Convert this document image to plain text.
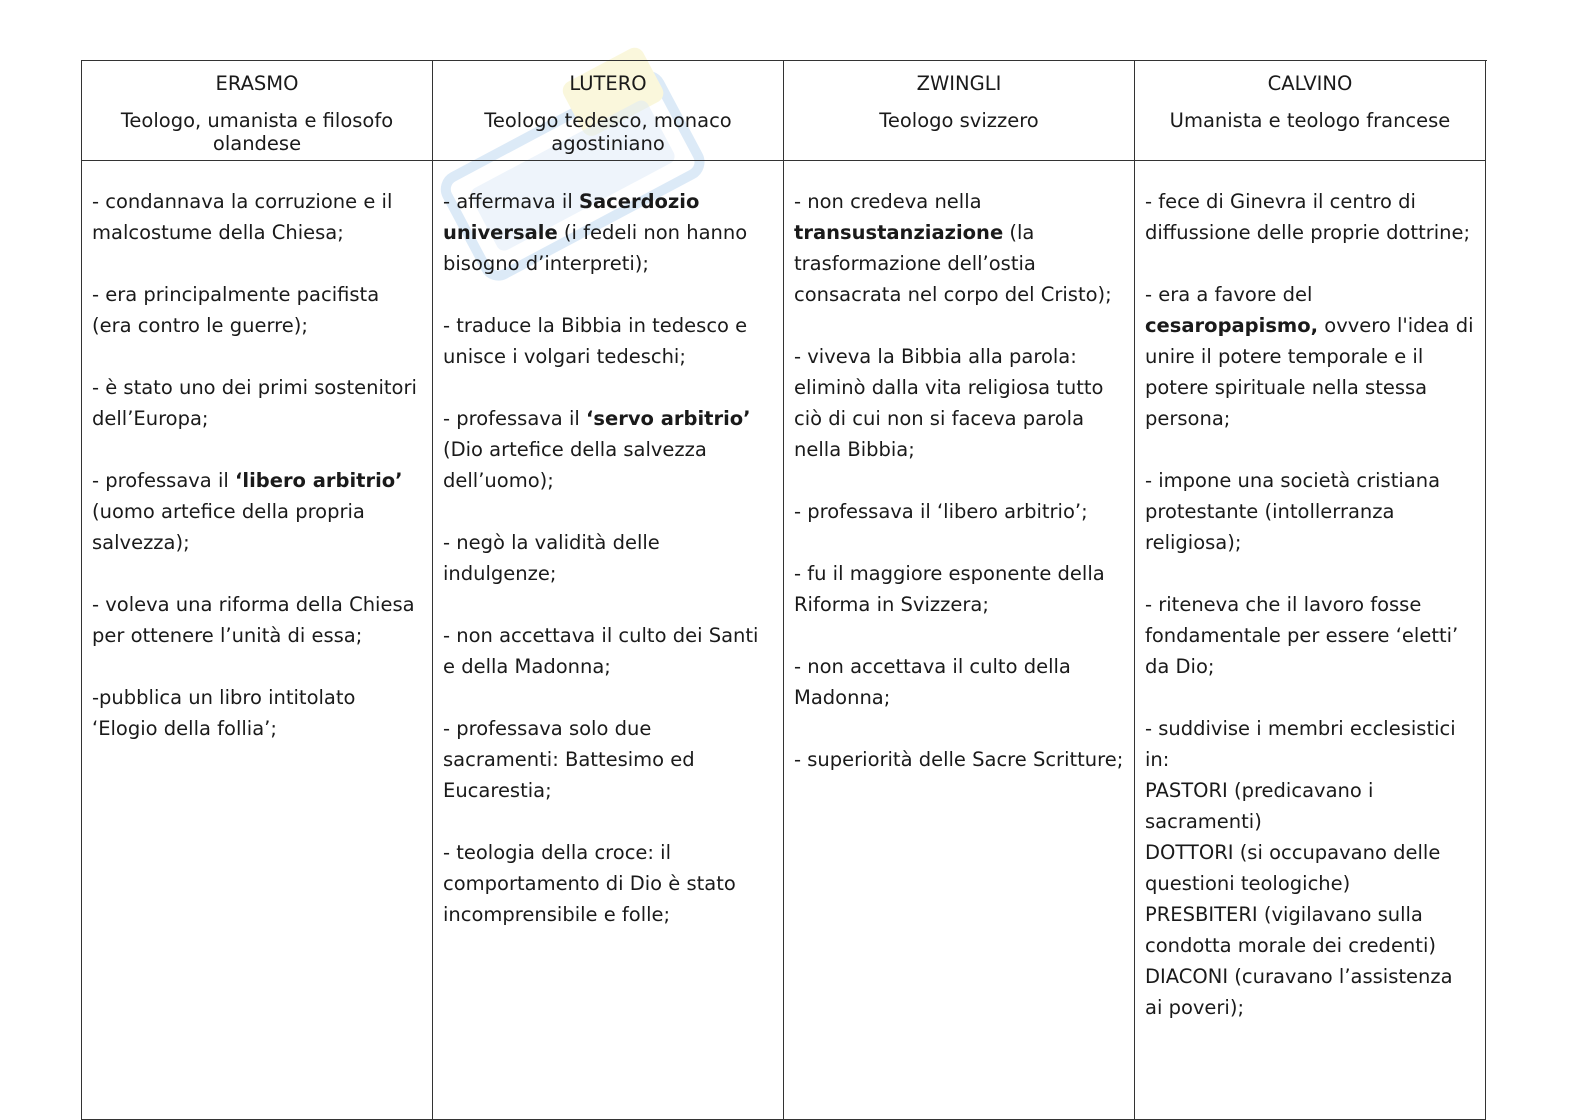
ERASMO
Teologo, umanista e filosofo olandese
LUTERO
Teologo tedesco, monaco agostiniano
ZWINGLI
Teologo svizzero
CALVINO
Umanista e teologo francese

- condannava la corruzione e il malcostume della Chiesa;

- era principalmente pacifista (era contro le guerre);

- è stato uno dei primi sostenitori dell’Europa;

- professava il ‘libero arbitrio’ (uomo artefice della propria salvezza);

- voleva una riforma della Chiesa per ottenere l’unità di essa;

-pubblica un libro intitolato ‘Elogio della follia’;

- affermava il Sacerdozio universale (i fedeli non hanno bisogno d’interpreti);

- traduce la Bibbia in tedesco e unisce i volgari tedeschi;

- professava il ‘servo arbitrio’ (Dio artefice della salvezza dell’uomo);

- negò la validità delle indulgenze;

- non accettava il culto dei Santi e della Madonna;

- professava solo due sacramenti: Battesimo ed Eucarestia;

- teologia della croce: il comportamento di Dio è stato incomprensibile e folle;

- non credeva nella transustanziazione (la trasformazione dell’ostia consacrata nel corpo del Cristo);

- viveva la Bibbia alla parola: eliminò dalla vita religiosa tutto ciò di cui non si faceva parola nella Bibbia;

- professava il ‘libero arbitrio’;

- fu il maggiore esponente della Riforma in Svizzera;

- non accettava il culto della Madonna;

- superiorità delle Sacre Scritture;

- fece di Ginevra il centro di diffussione delle proprie dottrine;

- era a favore del cesaropapismo, ovvero l'idea di unire il potere temporale e il potere spirituale nella stessa persona;

- impone una società cristiana protestante (intollerranza religiosa);

- riteneva che il lavoro fosse fondamentale per essere ‘eletti’ da Dio;

- suddivise i membri ecclesistici in:

PASTORI (predicavano i sacramenti)

DOTTORI (si occupavano delle questioni teologiche)

PRESBITERI (vigilavano sulla condotta morale dei credenti)

DIACONI (curavano l’assistenza ai poveri);
